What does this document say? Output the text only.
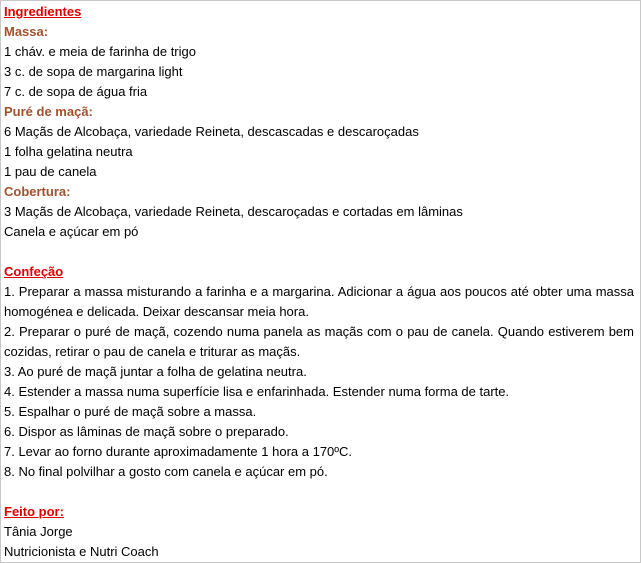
Ingredientes
Massa:
1 cháv. e meia de farinha de trigo
3 c. de sopa de margarina light
7 c. de sopa de água fria
Puré de maçã:
6 Maçãs de Alcobaça, variedade Reineta, descascadas e descaroçadas
1 folha gelatina neutra
1 pau de canela
Cobertura:
3 Maçãs de Alcobaça, variedade Reineta, descaroçadas e cortadas em lâminas
Canela e açúcar em pó
Confeção
1. Preparar a massa misturando a farinha e a margarina. Adicionar a água aos poucos até obter uma massa homogénea e delicada. Deixar descansar meia hora.
2. Preparar o puré de maçã, cozendo numa panela as maçãs com o pau de canela. Quando estiverem bem cozidas, retirar o pau de canela e triturar as maçãs.
3. Ao puré de maçã juntar a folha de gelatina neutra.
4. Estender a massa numa superfície lisa e enfarinhada. Estender numa forma de tarte.
5. Espalhar o puré de maçã sobre a massa.
6. Dispor as lâminas de maçã sobre o preparado.
7. Levar ao forno durante aproximadamente 1 hora a 170ºC.
8. No final polvilhar a gosto com canela e açúcar em pó.
Feito por:
Tânia Jorge
Nutricionista e Nutri Coach
